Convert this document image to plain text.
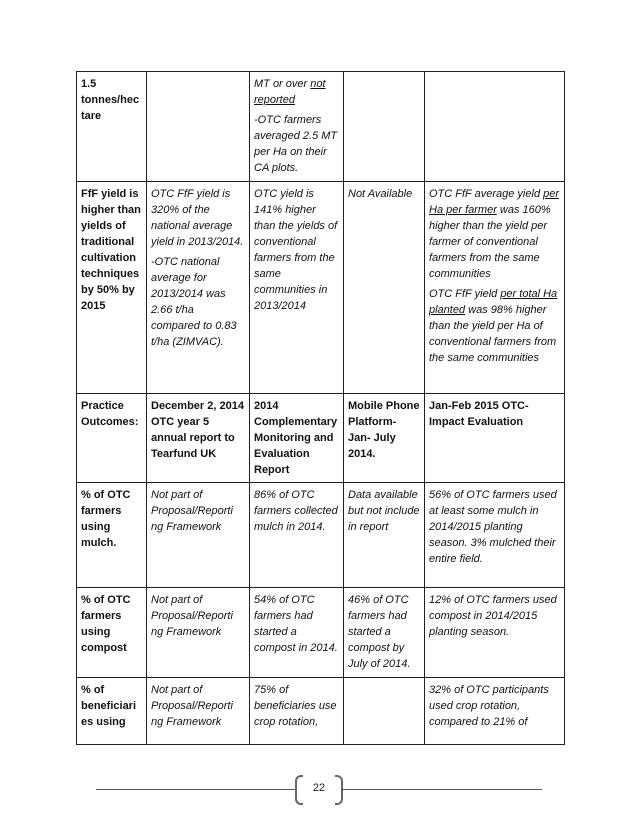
1.5 tonnes/hec tare		MT or over not reported
-OTC farmers averaged 2.5 MT per Ha on their CA plots.		

FfF yield is higher than yields of traditional cultivation techniques by 50% by 2015	OTC FfF yield is 320% of the national average yield in 2013/2014.
-OTC national average for 2013/2014 was 2.66 t/ha compared to 0.83 t/ha (ZIMVAC).	OTC yield is 141% higher than the yields of conventional farmers from the same communities in 2013/2014	Not Available	OTC FfF average yield per Ha per farmer was 160% higher than the yield per farmer of conventional farmers from the same communities
OTC FfF yield per total Ha planted was 98% higher than the yield per Ha of conventional farmers from the same communities

Practice Outcomes:	December 2, 2014 OTC year 5 annual report to Tearfund UK	2014 Complementary Monitoring and Evaluation Report	Mobile Phone Platform- Jan- July 2014.	Jan-Feb 2015 OTC- Impact Evaluation

% of OTC farmers using mulch.	Not part of Proposal/Reporti ng Framework	86% of OTC farmers collected mulch in 2014.	Data available but not include in report	56% of OTC farmers used at least some mulch in 2014/2015 planting season. 3% mulched their entire field.

% of OTC farmers using compost	Not part of Proposal/Reporti ng Framework	54% of OTC farmers had started a compost in 2014.	46% of OTC farmers had started a compost by July of 2014.	12% of OTC farmers used compost in 2014/2015 planting season.

% of beneficiari es using	Not part of Proposal/Reporti ng Framework	75% of beneficiaries use crop rotation,		32% of OTC participants used crop rotation, compared to 21% of
22
